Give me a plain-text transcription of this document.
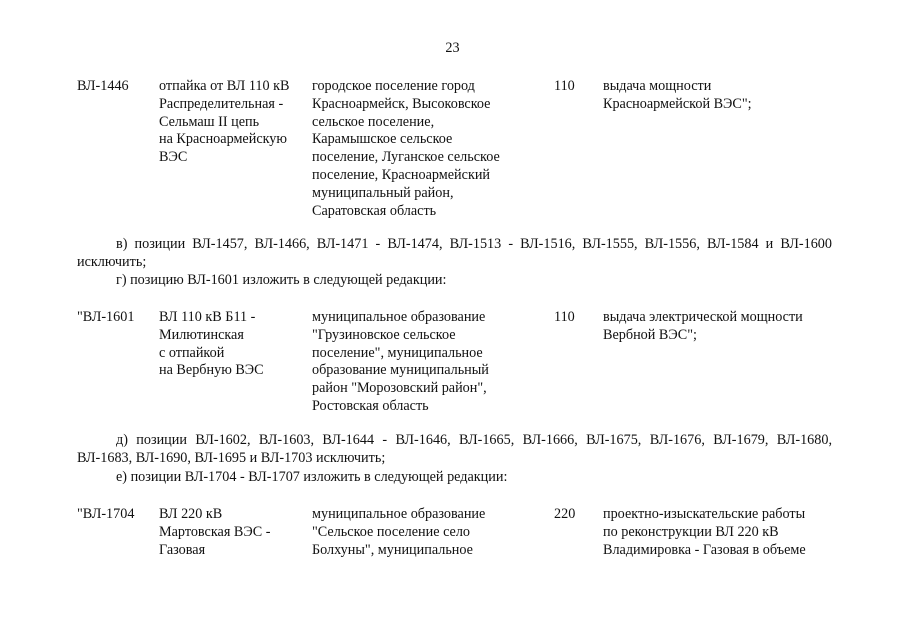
23
ВЛ-1446 отпайка от ВЛ 110 кВ
Распределительная -
Сельмаш II цепь
на Красноармейскую
ВЭС
городское поселение город
Красноармейск, Высоковское
сельское поселение,
Карамышское сельское
поселение, Луганское сельское
поселение, Красноармейский
муниципальный район,
Саратовская область
110 выдача мощности
Красноармейской ВЭС";
в) позиции ВЛ-1457, ВЛ-1466, ВЛ-1471 - ВЛ-1474, ВЛ-1513 - ВЛ-1516, ВЛ-1555, ВЛ-1556, ВЛ-1584 и ВЛ-1600 исключить;
г) позицию ВЛ-1601 изложить в следующей редакции:
"ВЛ-1601 ВЛ 110 кВ Б11 -
Милютинская
с отпайкой
на Вербную ВЭС
муниципальное образование
"Грузиновское сельское
поселение", муниципальное
образование муниципальный
район "Морозовский район",
Ростовская область
110 выдача электрической мощности
Вербной ВЭС";
д) позиции ВЛ-1602, ВЛ-1603, ВЛ-1644 - ВЛ-1646, ВЛ-1665, ВЛ-1666, ВЛ-1675, ВЛ-1676, ВЛ-1679, ВЛ-1680, ВЛ-1683, ВЛ-1690, ВЛ-1695 и ВЛ-1703 исключить;
е) позиции ВЛ-1704 - ВЛ-1707 изложить в следующей редакции:
"ВЛ-1704 ВЛ 220 кВ
Мартовская ВЭС -
Газовая
муниципальное образование
"Сельское поселение село
Болхуны", муниципальное
220 проектно-изыскательские работы
по реконструкции ВЛ 220 кВ
Владимировка - Газовая в объеме
